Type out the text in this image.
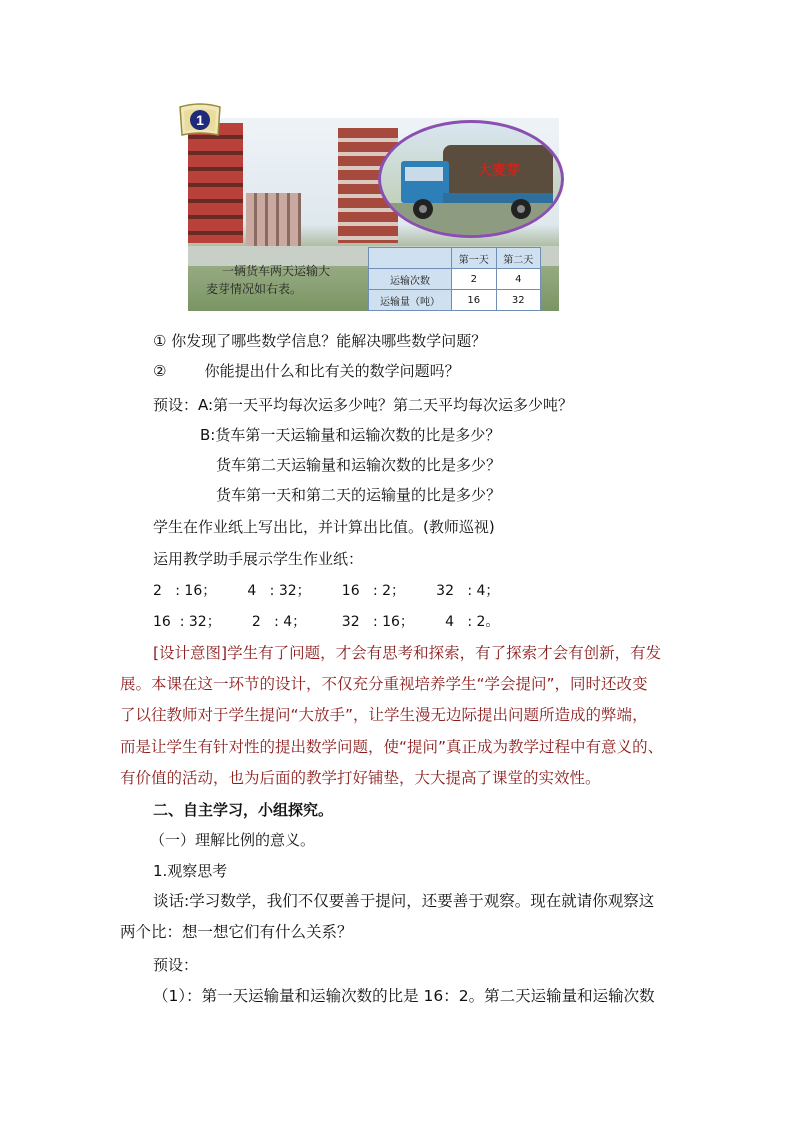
1
大麦芽
一辆货车两天运输大
麦芽情况如右表。
	第一天	第二天
运输次数	2	4
运输量（吨）	16	32
① 你发现了哪些数学信息？能解决哪些数学问题？
②        你能提出什么和比有关的数学问题吗？
预设：A:第一天平均每次运多少吨？第二天平均每次运多少吨？
B:货车第一天运输量和运输次数的比是多少？
货车第二天运输量和运输次数的比是多少？
货车第一天和第二天的运输量的比是多少？
学生在作业纸上写出比，并计算出比值。(教师巡视)
运用教学助手展示学生作业纸：
2   : 16；       4   : 32；       16   : 2；       32   : 4；
16  : 32；       2   : 4；        32   : 16；       4   : 2。
[设计意图]学生有了问题，才会有思考和探索，有了探索才会有创新，有发
展。本课在这一环节的设计，不仅充分重视培养学生“学会提问”，同时还改变
了以往教师对于学生提问“大放手”，让学生漫无边际提出问题所造成的弊端，
而是让学生有针对性的提出数学问题，使“提问”真正成为教学过程中有意义的、
有价值的活动，也为后面的教学打好铺垫，大大提高了课堂的实效性。
二、自主学习，小组探究。
（一）理解比例的意义。
1.观察思考
谈话:学习数学，我们不仅要善于提问，还要善于观察。现在就请你观察这
两个比：想一想它们有什么关系？
预设：
（1）：第一天运输量和运输次数的比是 16：2。第二天运输量和运输次数
